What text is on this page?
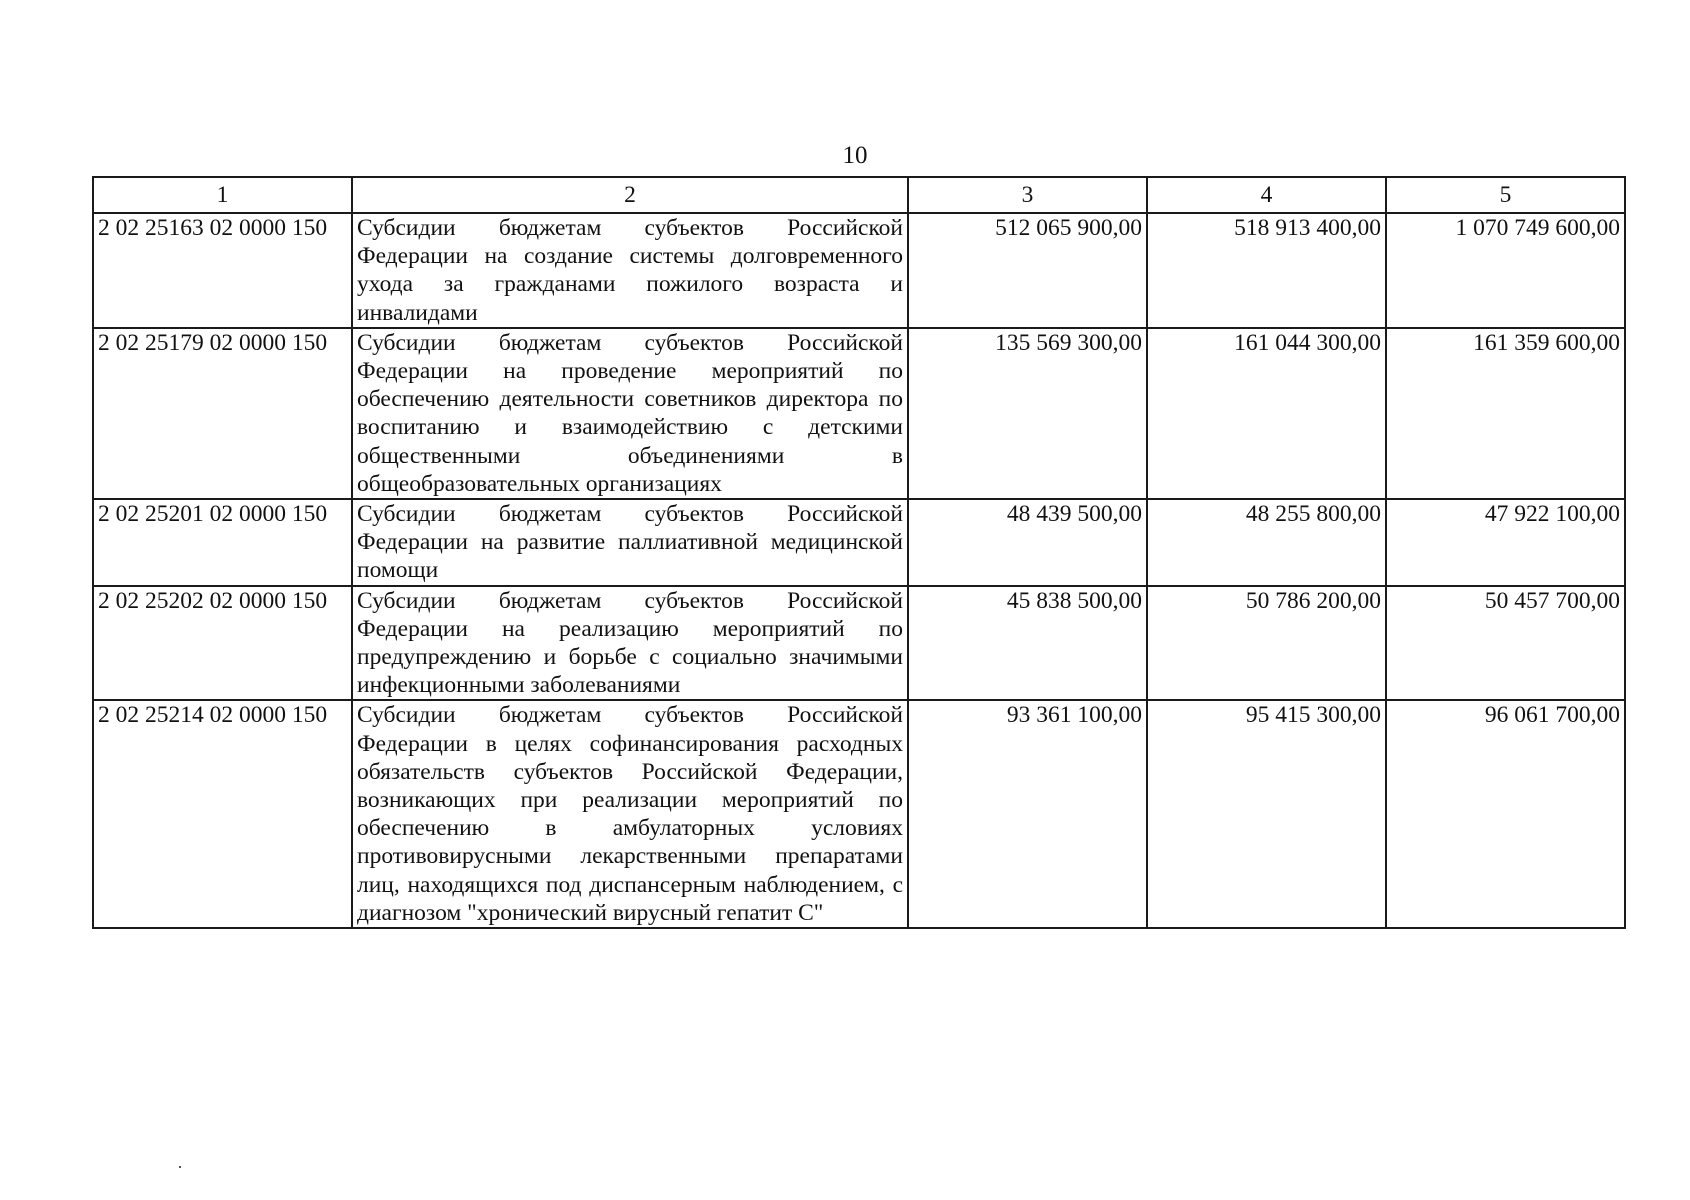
10
1	2	3	4	5
2 02 25163 02 0000 150	Субсидии бюджетам субъектов Российской Федерации на создание системы долговременного ухода за гражданами пожилого возраста и инвалидами	512 065 900,00	518 913 400,00	1 070 749 600,00
2 02 25179 02 0000 150	Субсидии бюджетам субъектов Российской Федерации на проведение мероприятий по обеспечению деятельности советников директора по воспитанию и взаимодействию с детскими общественными объединениями в общеобразовательных организациях	135 569 300,00	161 044 300,00	161 359 600,00
2 02 25201 02 0000 150	Субсидии бюджетам субъектов Российской Федерации на развитие паллиативной медицинской помощи	48 439 500,00	48 255 800,00	47 922 100,00
2 02 25202 02 0000 150	Субсидии бюджетам субъектов Российской Федерации на реализацию мероприятий по предупреждению и борьбе с социально значимыми инфекционными заболеваниями	45 838 500,00	50 786 200,00	50 457 700,00
2 02 25214 02 0000 150	Субсидии бюджетам субъектов Российской Федерации в целях софинансирования расходных обязательств субъектов Российской Федерации, возникающих при реализации мероприятий по обеспечению в амбулаторных условиях противовирусными лекарственными препаратами лиц, находящихся под диспансерным наблюдением, с диагнозом "хронический вирусный гепатит С"	93 361 100,00	95 415 300,00	96 061 700,00
